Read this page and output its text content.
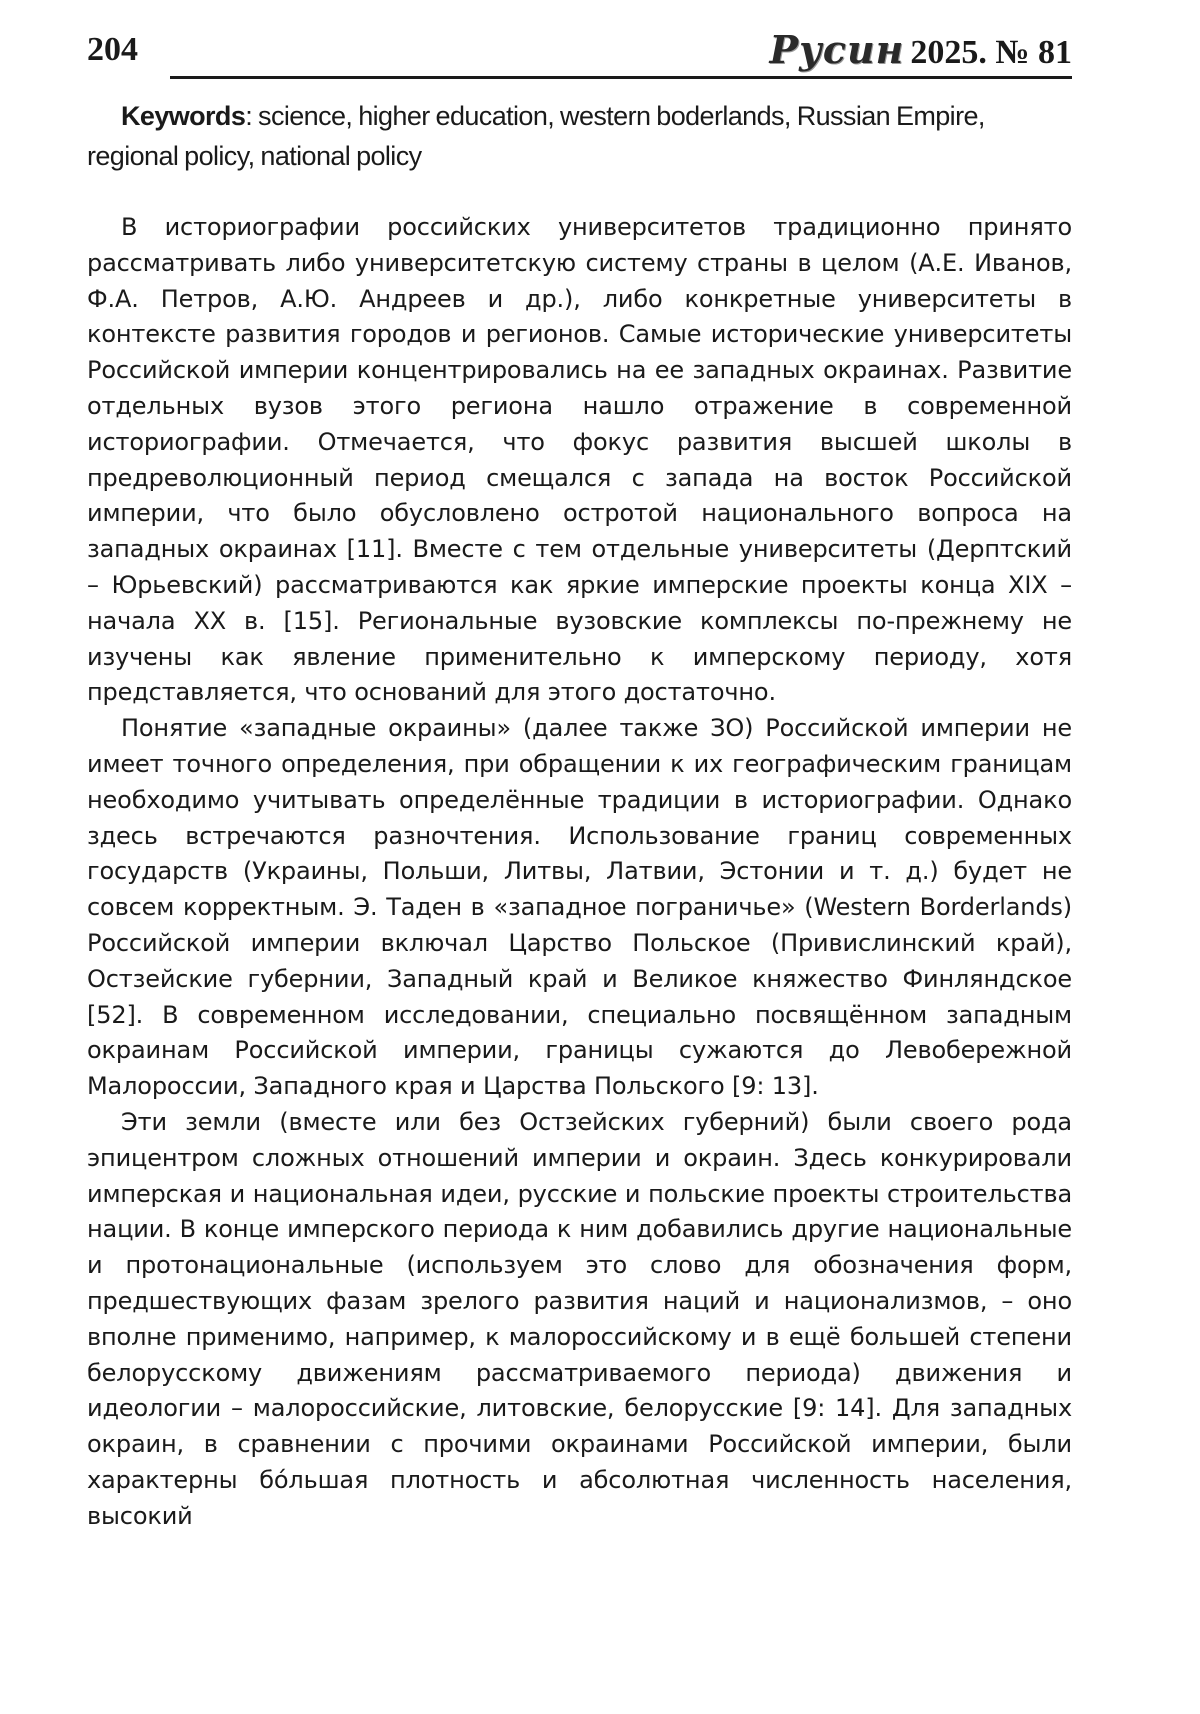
204	Русин 2025. № 81
Keywords: science, higher education, western boderlands, Russian Empire, regional policy, national policy

В историографии российских университетов традиционно принято рассматривать либо университетскую систему страны в целом (А.Е. Иванов, Ф.А. Петров, А.Ю. Андреев и др.), либо конкретные университеты в контексте развития городов и регионов. Самые исторические университеты Российской империи концентрировались на ее западных окраинах. Развитие отдельных вузов этого региона нашло отражение в современной историографии. Отмечается, что фокус развития высшей школы в предреволюционный период смещался с запада на восток Российской империи, что было обусловлено остротой национального вопроса на западных окраинах [11]. Вместе с тем отдельные университеты (Дерптский – Юрьевский) рассматриваются как яркие имперские проекты конца XIX – начала XX в. [15]. Региональные вузовские комплексы по-прежнему не изучены как явление применительно к имперскому периоду, хотя представляется, что оснований для этого достаточно.

Понятие «западные окраины» (далее также ЗО) Российской империи не имеет точного определения, при обращении к их географическим границам необходимо учитывать определённые традиции в историографии. Однако здесь встречаются разночтения. Использование границ современных государств (Украины, Польши, Литвы, Латвии, Эстонии и т. д.) будет не совсем корректным. Э. Таден в «западное пограничье» (Western Borderlands) Российской империи включал Царство Польское (Привислинский край), Остзейские губернии, Западный край и Великое княжество Финляндское [52]. В современном исследовании, специально посвящённом западным окраинам Российской империи, границы сужаются до Левобережной Малороссии, Западного края и Царства Польского [9: 13].

Эти земли (вместе или без Остзейских губерний) были своего рода эпицентром сложных отношений империи и окраин. Здесь конкурировали имперская и национальная идеи, русские и польские проекты строительства нации. В конце имперского периода к ним добавились другие национальные и протонациональные (используем это слово для обозначения форм, предшествующих фазам зрелого развития наций и национализмов, – оно вполне применимо, например, к малороссийскому и в ещё большей степени белорусскому движениям рассматриваемого периода) движения и идеологии – малороссийские, литовские, белорусские [9: 14]. Для западных окраин, в сравнении с прочими окраинами Российской империи, были характерны бóльшая плотность и абсолютная численность населения, высокий
